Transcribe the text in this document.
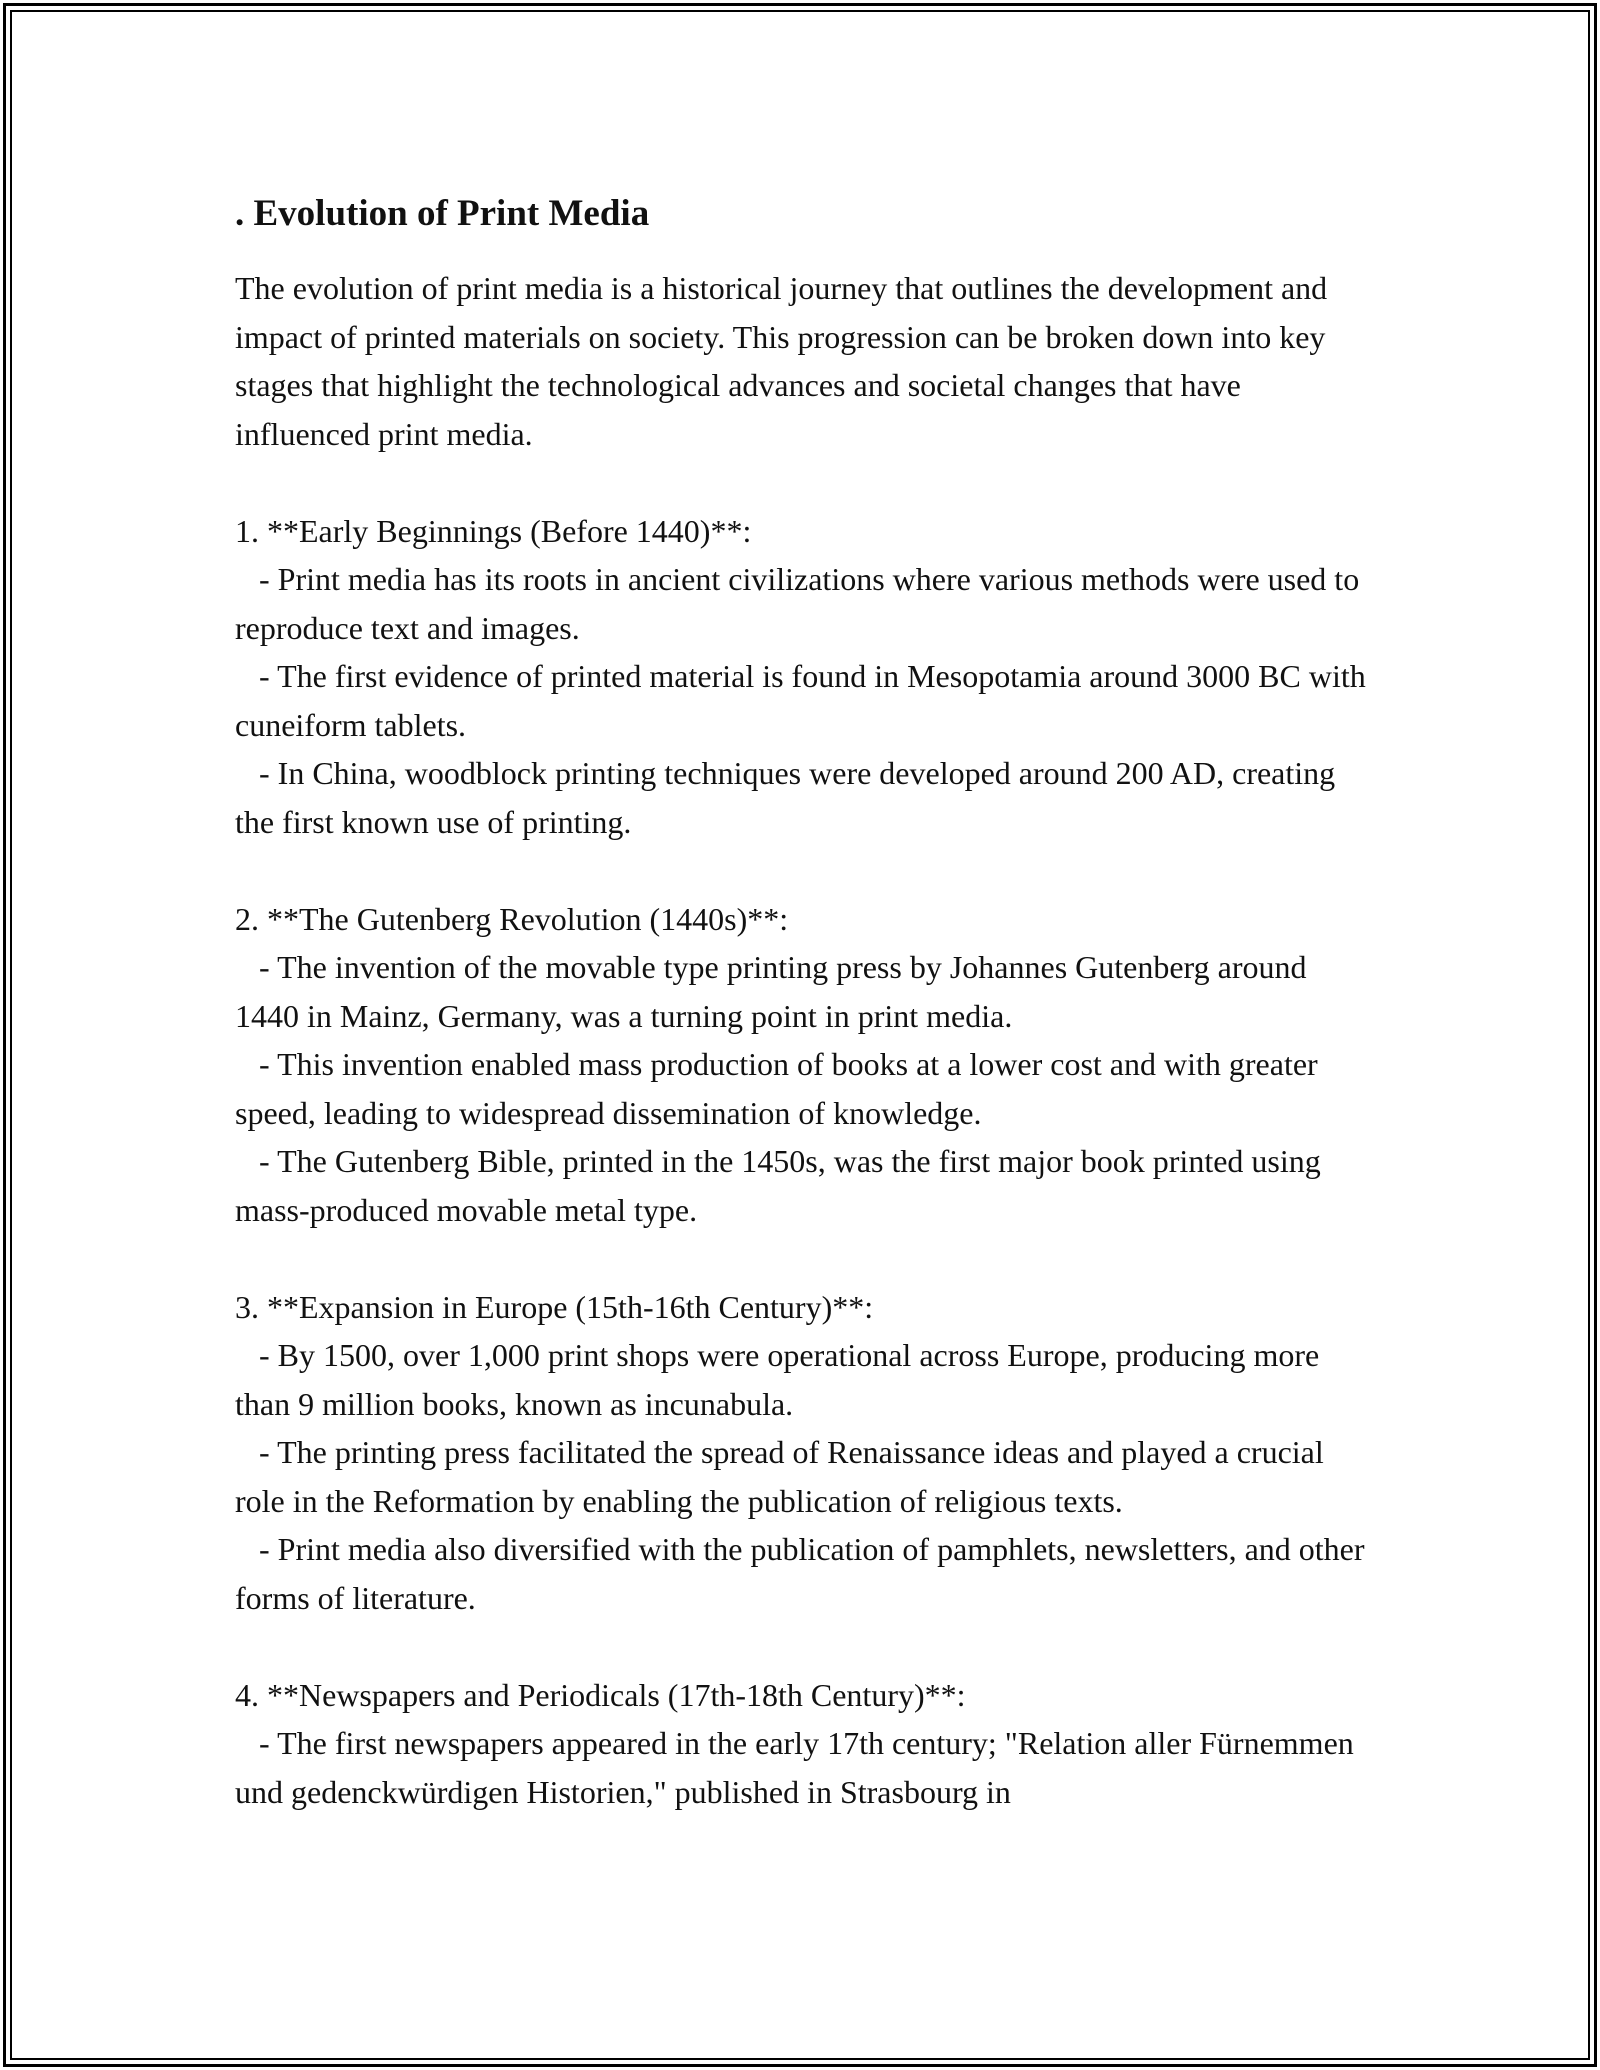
. Evolution of Print Media

The evolution of print media is a historical journey that outlines the development and impact of printed materials on society. This progression can be broken down into key stages that highlight the technological advances and societal changes that have influenced print media.

1. **Early Beginnings (Before 1440)**:

- Print media has its roots in ancient civilizations where various methods were used to reproduce text and images.

- The first evidence of printed material is found in Mesopotamia around 3000 BC with cuneiform tablets.

- In China, woodblock printing techniques were developed around 200 AD, creating the first known use of printing.

2. **The Gutenberg Revolution (1440s)**:

- The invention of the movable type printing press by Johannes Gutenberg around 1440 in Mainz, Germany, was a turning point in print media.

- This invention enabled mass production of books at a lower cost and with greater speed, leading to widespread dissemination of knowledge.

- The Gutenberg Bible, printed in the 1450s, was the first major book printed using mass-produced movable metal type.

3. **Expansion in Europe (15th-16th Century)**:

- By 1500, over 1,000 print shops were operational across Europe, producing more than 9 million books, known as incunabula.

- The printing press facilitated the spread of Renaissance ideas and played a crucial role in the Reformation by enabling the publication of religious texts.

- Print media also diversified with the publication of pamphlets, newsletters, and other forms of literature.

4. **Newspapers and Periodicals (17th-18th Century)**:

- The first newspapers appeared in the early 17th century; "Relation aller Fürnemmen und gedenckwürdigen Historien," published in Strasbourg in
